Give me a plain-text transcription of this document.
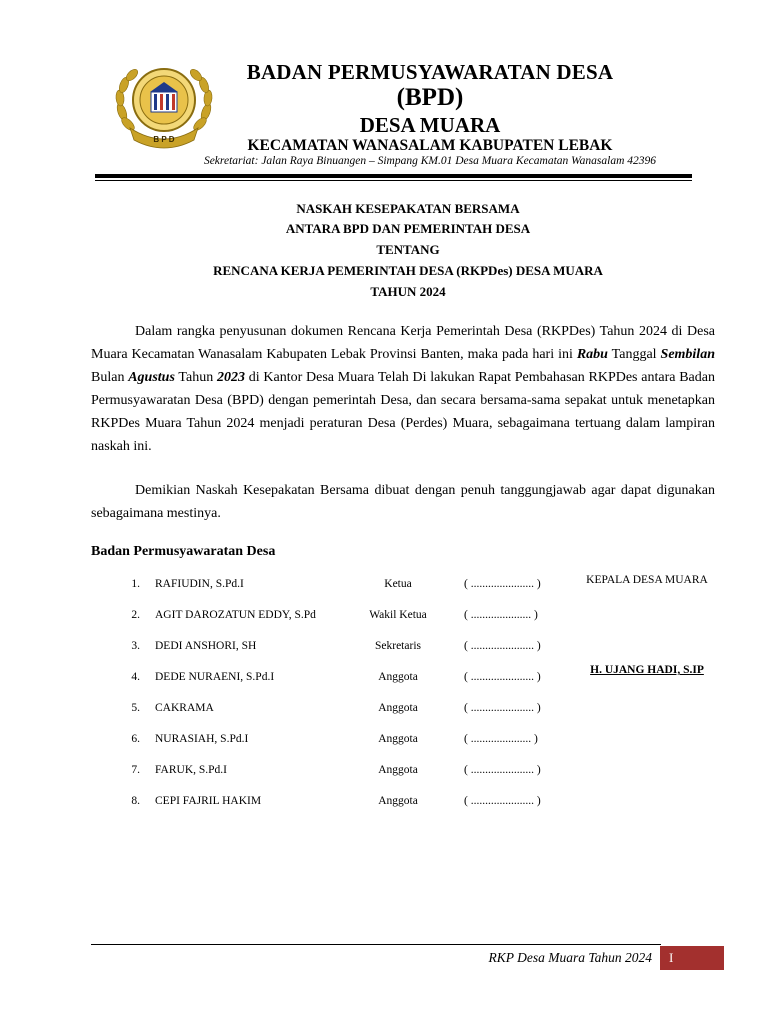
B P D
BADAN PERMUSYAWARATAN DESA
(BPD)
DESA MUARA
KECAMATAN WANASALAM KABUPATEN LEBAK
Sekretariat: Jalan Raya Binuangen – Simpang KM.01 Desa Muara Kecamatan Wanasalam 42396
NASKAH KESEPAKATAN BERSAMA
ANTARA BPD DAN PEMERINTAH DESA
TENTANG
RENCANA KERJA PEMERINTAH DESA (RKPDes) DESA MUARA
TAHUN 2024

Dalam rangka penyusunan dokumen Rencana Kerja Pemerintah Desa (RKPDes) Tahun 2024 di Desa Muara Kecamatan Wanasalam Kabupaten Lebak Provinsi Banten, maka pada hari ini Rabu Tanggal Sembilan Bulan Agustus Tahun 2023 di Kantor Desa Muara Telah Di lakukan Rapat Pembahasan RKPDes antara Badan Permusyawaratan Desa (BPD) dengan pemerintah Desa, dan secara bersama-sama sepakat untuk menetapkan RKPDes Muara Tahun 2024 menjadi peraturan Desa (Perdes) Muara, sebagaimana tertuang dalam lampiran naskah ini.

Demikian Naskah Kesepakatan Bersama dibuat dengan penuh tanggungjawab agar dapat digunakan sebagaimana mestinya.

Badan Permusyawaratan Desa
1. RAFIUDIN, S.Pd.I	Ketua	( ...................... )
2. AGIT DAROZATUN EDDY, S.Pd	Wakil Ketua	( ..................... )
3. DEDI ANSHORI, SH	Sekretaris	( ...................... )
4. DEDE NURAENI, S.Pd.I	Anggota	( ...................... )
5. CAKRAMA	Anggota	( ...................... )
6. NURASIAH, S.Pd.I	Anggota	( ..................... )
7. FARUK, S.Pd.I	Anggota	( ...................... )
8. CEPI FAJRIL HAKIM	Anggota	( ...................... )
KEPALA DESA MUARA
H. UJANG HADI, S.IP
RKP Desa Muara Tahun 2024	I
